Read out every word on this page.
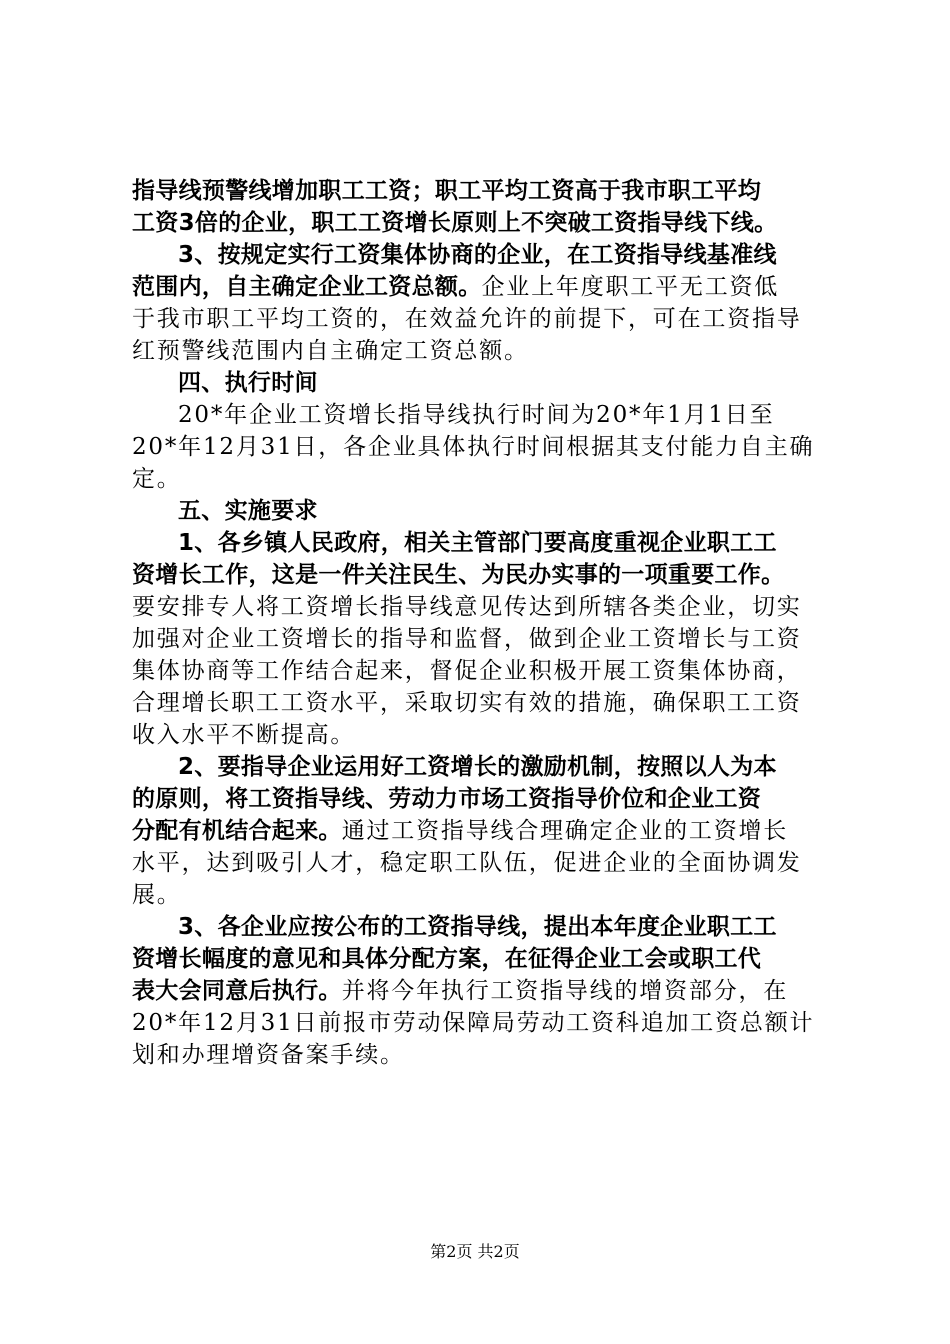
指导线预警线增加职工工资；职工平均工资高于我市职工平均
工资3倍的企业，职工工资增长原则上不突破工资指导线下线。
3、按规定实行工资集体协商的企业，在工资指导线基准线
范围内，自主确定企业工资总额。企业上年度职工平无工资低
于我市职工平均工资的，在效益允许的前提下，可在工资指导
红预警线范围内自主确定工资总额。
四、执行时间
20*年企业工资增长指导线执行时间为20*年1月1日至
20*年12月31日，各企业具体执行时间根据其支付能力自主确
定。
五、实施要求
1、各乡镇人民政府，相关主管部门要高度重视企业职工工
资增长工作，这是一件关注民生、为民办实事的一项重要工作。
要安排专人将工资增长指导线意见传达到所辖各类企业，切实
加强对企业工资增长的指导和监督，做到企业工资增长与工资
集体协商等工作结合起来，督促企业积极开展工资集体协商，
合理增长职工工资水平，采取切实有效的措施，确保职工工资
收入水平不断提高。
2、要指导企业运用好工资增长的激励机制，按照以人为本
的原则，将工资指导线、劳动力市场工资指导价位和企业工资
分配有机结合起来。通过工资指导线合理确定企业的工资增长
水平，达到吸引人才，稳定职工队伍，促进企业的全面协调发
展。
3、各企业应按公布的工资指导线，提出本年度企业职工工
资增长幅度的意见和具体分配方案，在征得企业工会或职工代
表大会同意后执行。并将今年执行工资指导线的增资部分，在
20*年12月31日前报市劳动保障局劳动工资科追加工资总额计
划和办理增资备案手续。
第2页 共2页
